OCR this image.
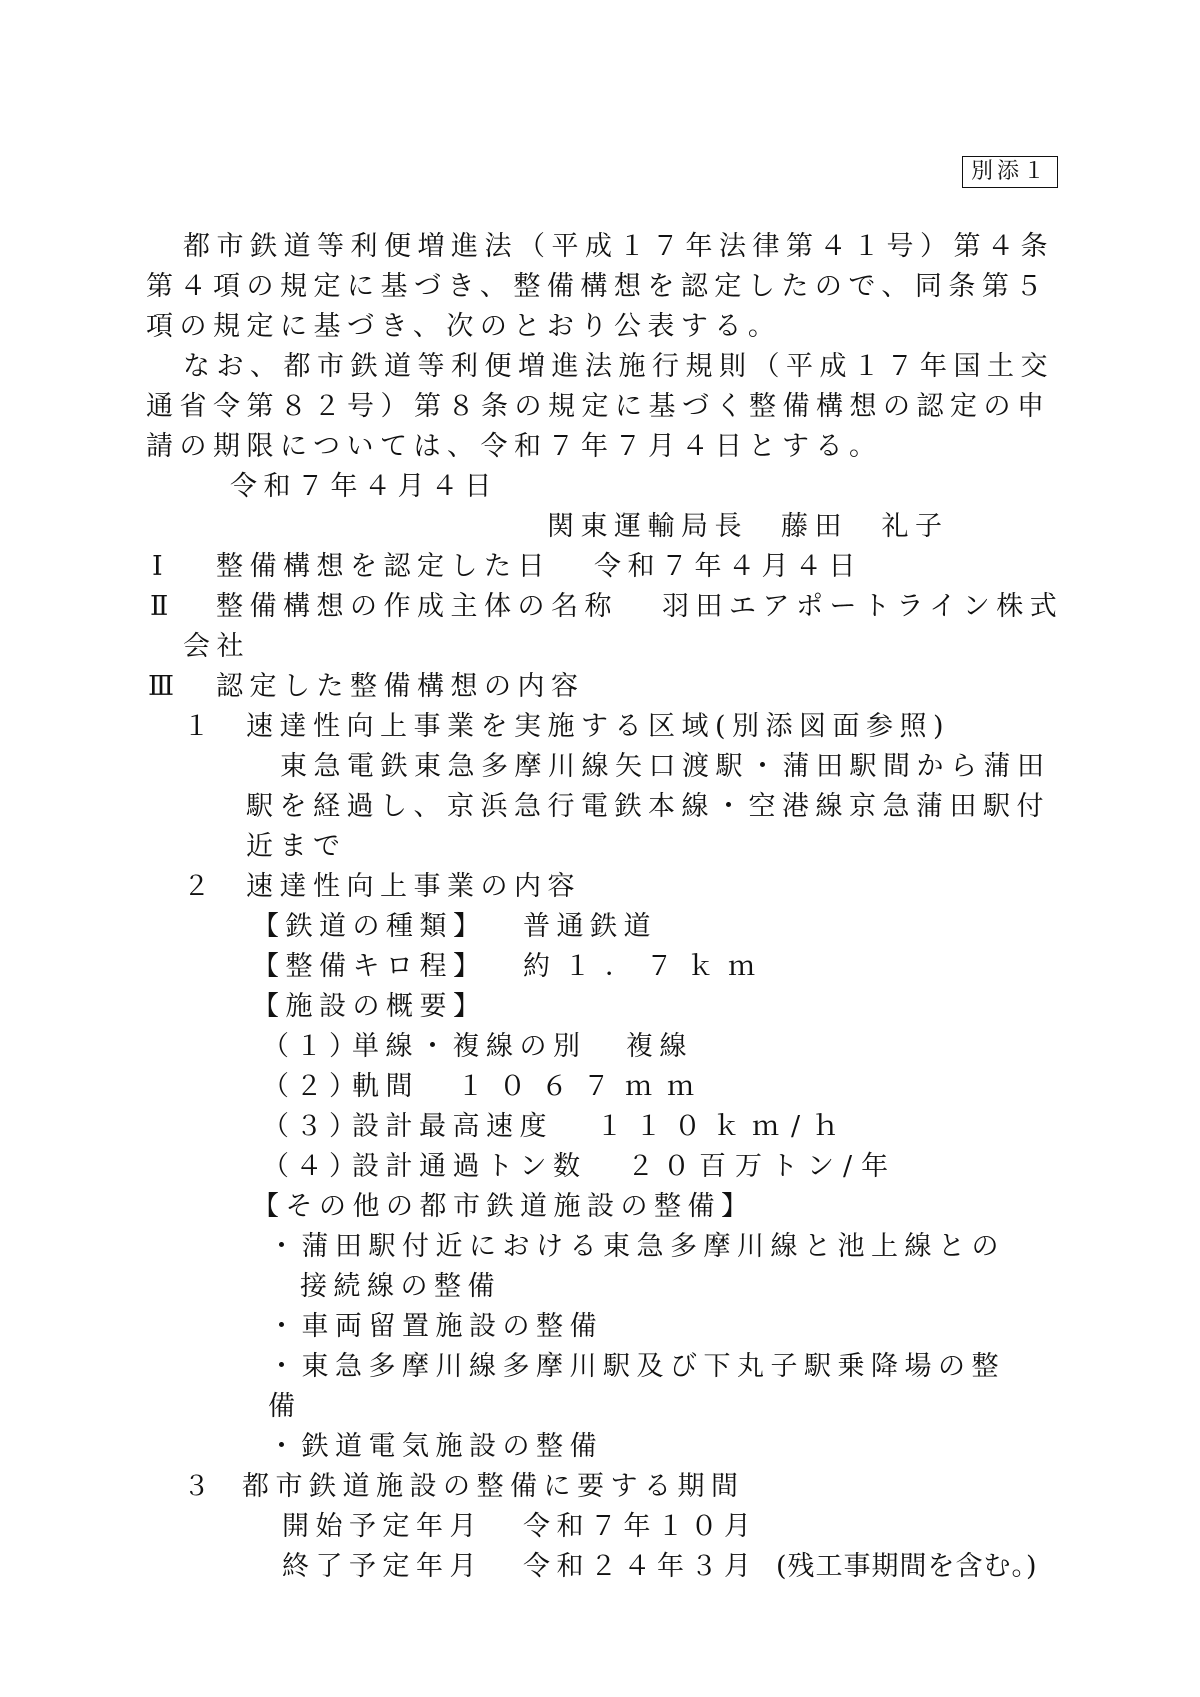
別添１
都市鉄道等利便増進法（平成１７年法律第４１号）第４条
第４項の規定に基づき、整備構想を認定したので、同条第５
項の規定に基づき、次のとおり公表する。
なお、都市鉄道等利便増進法施行規則（平成１７年国土交
通省令第８２号）第８条の規定に基づく整備構想の認定の申
請の期限については、令和７年７月４日とする。
令和７年４月４日
関東運輸局長 藤田　礼子
Ⅰ 整備構想を認定した日 令和７年４月４日
Ⅱ 整備構想の作成主体の名称 羽田エアポートライン株式
会社
Ⅲ 認定した整備構想の内容
１ 速達性向上事業を実施する区域(別添図面参照)
東急電鉄東急多摩川線矢口渡駅・蒲田駅間から蒲田
駅を経過し、京浜急行電鉄本線・空港線京急蒲田駅付
近まで
２ 速達性向上事業の内容
【鉄道の種類】 普通鉄道
【整備キロ程】 約１．７ｋｍ
【施設の概要】
（１）
単線・複線の別 複線
（２）
軌間 １０６７ｍｍ
（３）
設計最高速度 １１０ｋｍ/ｈ
（４）
設計通過トン数 ２０百万トン/年
【その他の都市鉄道施設の整備】
・蒲田駅付近における東急多摩川線と池上線との
接続線の整備
・車両留置施設の整備
・東急多摩川線多摩川駅及び下丸子駅乗降場の整
備
・鉄道電気施設の整備
３ 都市鉄道施設の整備に要する期間
開始予定年月 令和７年１０月
終了予定年月 令和２４年３月 (残工事期間を含む。)
